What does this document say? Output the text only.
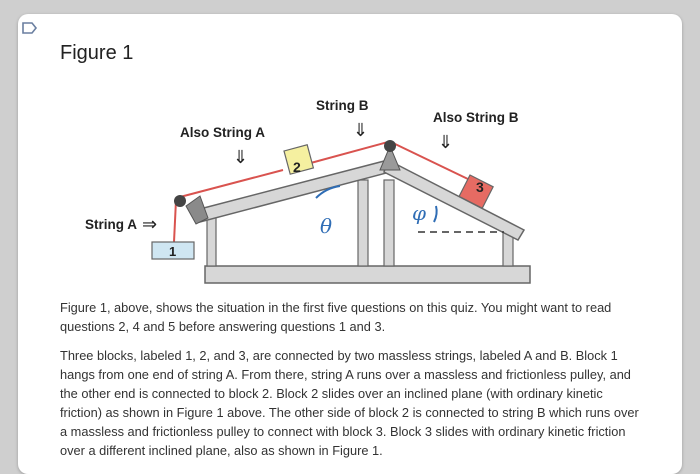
Figure 1
2
3
1
θ
φ
String B
⇓
Also String A
⇓
Also String B
⇓
String A ⇒
Figure 1, above, shows the situation in the first five questions on this quiz. You might want to read questions 2, 4 and 5 before answering questions 1 and 3.
Three blocks, labeled 1, 2, and 3, are connected by two massless strings, labeled A and B. Block 1 hangs from one end of string A. From there, string A runs over a massless and frictionless pulley, and the other end is connected to block 2. Block 2 slides over an inclined plane (with ordinary kinetic friction) as shown in Figure 1 above. The other side of block 2 is connected to string B which runs over a massless and frictionless pulley to connect with block 3. Block 3 slides with ordinary kinetic friction over a different inclined plane, also as shown in Figure 1.
